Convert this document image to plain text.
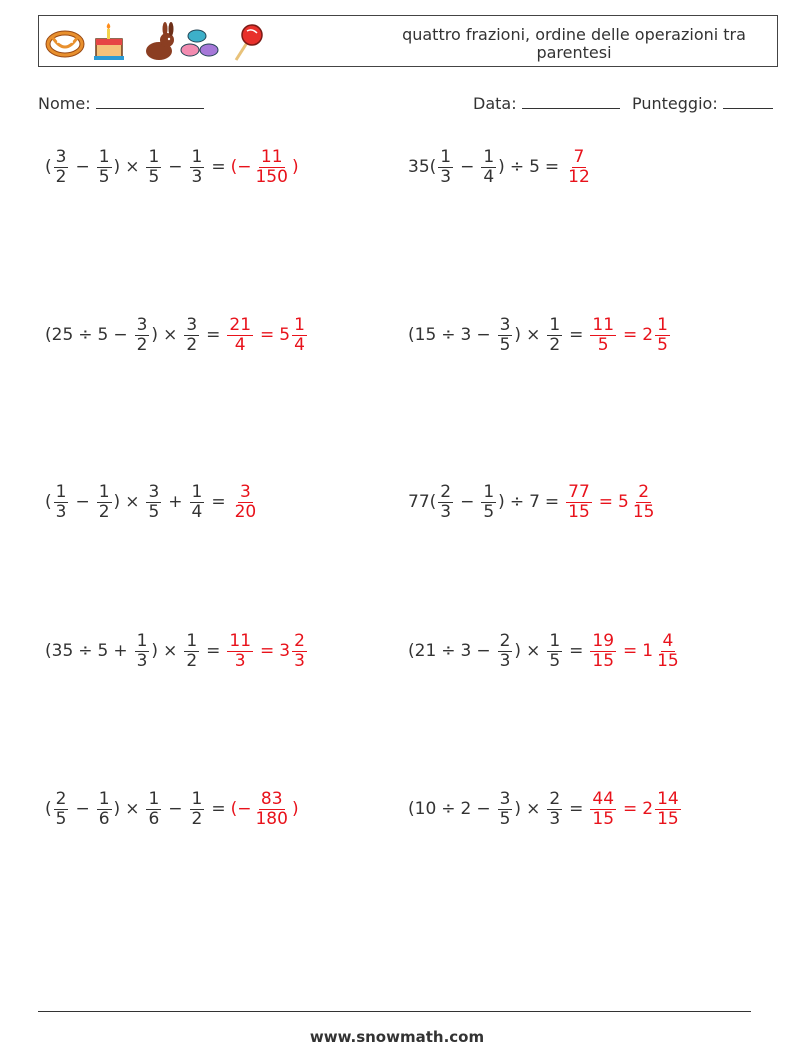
quattro frazioni, ordine delle operazioni tra parentesi
Nome:	Data:	Punteggio:
( $\frac{3}{2} - \frac{1}{5}$ ) × $\frac{1}{5} - \frac{1}{3}$ = (− $\frac{11}{150}$ )	$35( \frac{1}{3} - \frac{1}{4}$ ) ÷ $5 = \frac{7}{12}$
($25 \div 5 - \frac{3}{2}$ ) × $\frac{3}{2} = \frac{21}{4} = 5 \frac{1}{4}$	($15 \div 3 - \frac{3}{5}$ ) × $\frac{1}{2} = \frac{11}{5} = 2 \frac{1}{5}$
( $\frac{1}{3} - \frac{1}{2}$ ) × $\frac{3}{5} + \frac{1}{4} = \frac{3}{20}$	$77( \frac{2}{3} - \frac{1}{5}$ ) ÷ $7 = \frac{77}{15} = 5 \frac{2}{15}$
($35 \div 5 + \frac{1}{3}$ ) × $\frac{1}{2} = \frac{11}{3} = 3 \frac{2}{3}$	($21 \div 3 - \frac{2}{3}$ ) × $\frac{1}{5} = \frac{19}{15} = 1 \frac{4}{15}$
( $\frac{2}{5} - \frac{1}{6}$ ) × $\frac{1}{6} - \frac{1}{2}$ = (− $\frac{83}{180}$ )	($10 \div 2 - \frac{3}{5}$ ) × $\frac{2}{3} = \frac{44}{15} = 2 \frac{14}{15}$
www.snowmath.com
